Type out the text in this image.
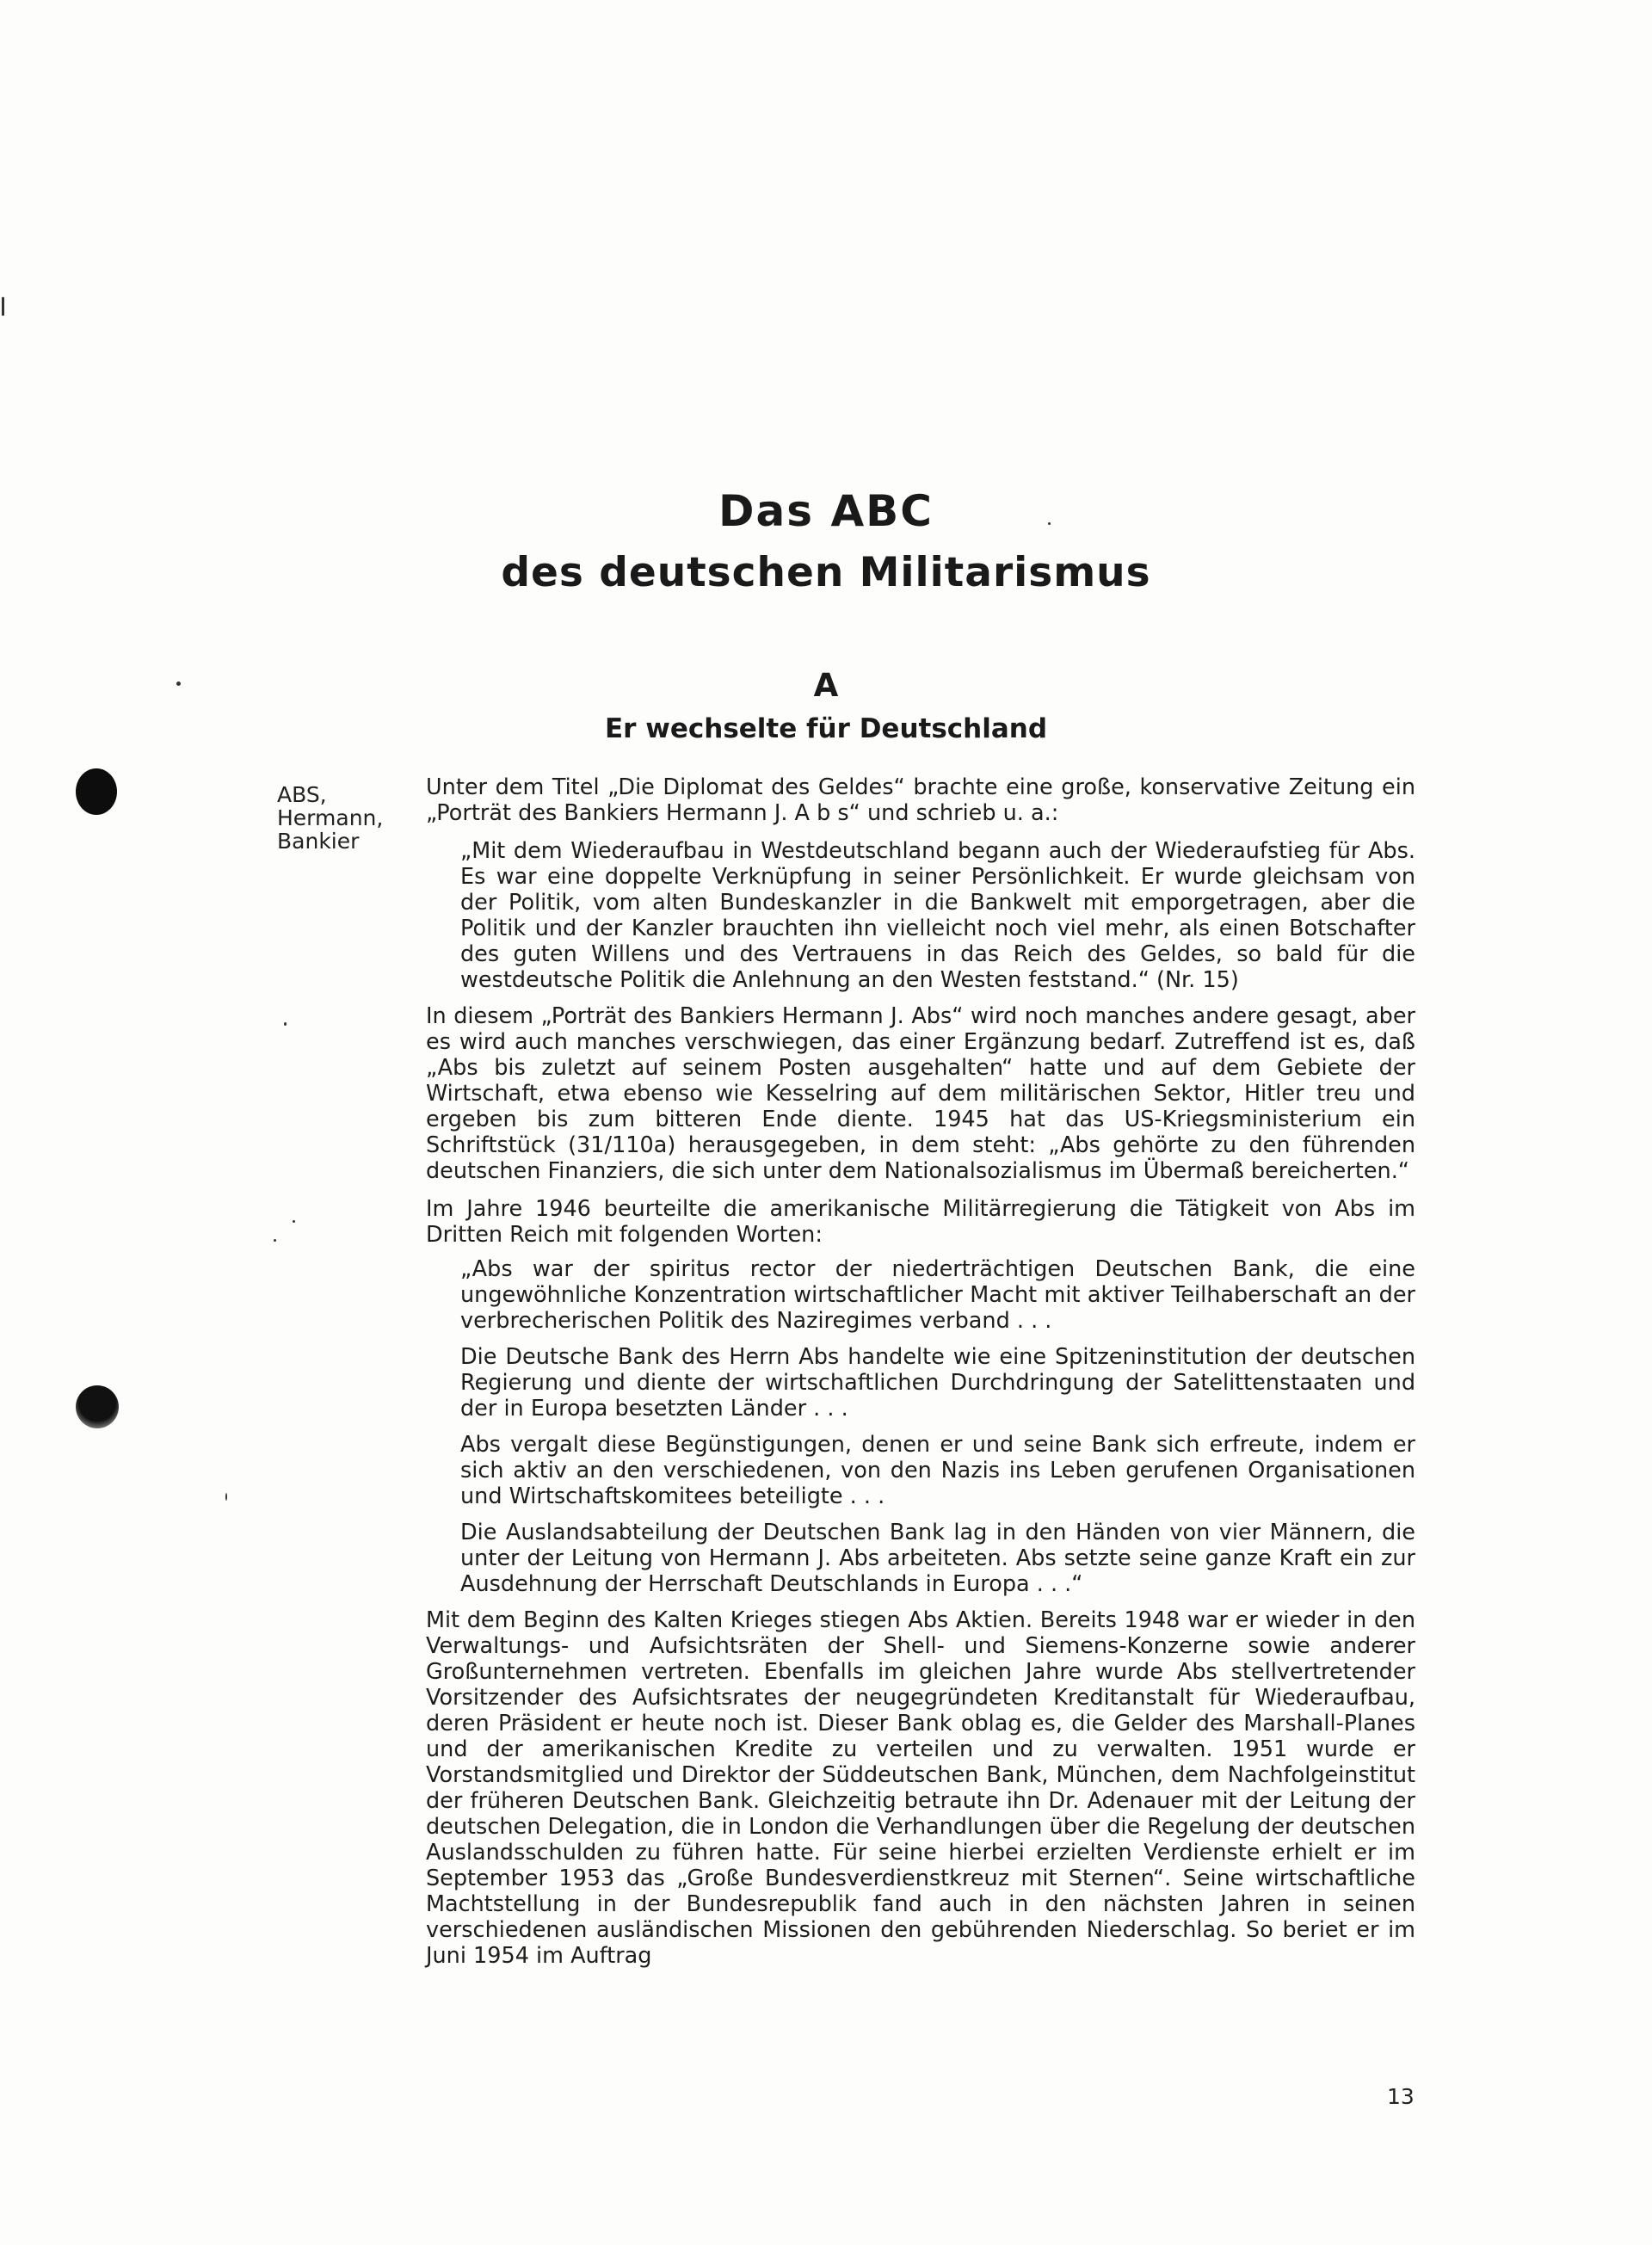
Das ABC
des deutschen Militarismus
A
Er wechselte für Deutschland
ABS,
Hermann,
Bankier

Unter dem Titel „Die Diplomat des Geldes“ brachte eine große, konservative Zeitung ein „Porträt des Bankiers Hermann J. A b s“ und schrieb u. a.:

„Mit dem Wiederaufbau in Westdeutschland begann auch der Wiederaufstieg für Abs. Es war eine doppelte Verknüpfung in seiner Persönlichkeit. Er wurde gleichsam von der Politik, vom alten Bundeskanzler in die Bankwelt mit emporgetragen, aber die Politik und der Kanzler brauchten ihn vielleicht noch viel mehr, als einen Botschafter des guten Willens und des Vertrauens in das Reich des Geldes, so bald für die westdeutsche Politik die Anlehnung an den Westen feststand.“ (Nr. 15)

In diesem „Porträt des Bankiers Hermann J. Abs“ wird noch manches andere gesagt, aber es wird auch manches verschwiegen, das einer Ergänzung bedarf. Zutreffend ist es, daß „Abs bis zuletzt auf seinem Posten ausgehalten“ hatte und auf dem Gebiete der Wirtschaft, etwa ebenso wie Kesselring auf dem militärischen Sektor, Hitler treu und ergeben bis zum bitteren Ende diente. 1945 hat das US-Kriegsministerium ein Schriftstück (31/110a) herausgegeben, in dem steht: „Abs gehörte zu den führenden deutschen Finanziers, die sich unter dem Nationalsozialismus im Übermaß bereicherten.“

Im Jahre 1946 beurteilte die amerikanische Militärregierung die Tätigkeit von Abs im Dritten Reich mit folgenden Worten:

„Abs war der spiritus rector der niederträchtigen Deutschen Bank, die eine ungewöhnliche Konzentration wirtschaftlicher Macht mit aktiver Teilhaberschaft an der verbrecherischen Politik des Naziregimes verband . . .

Die Deutsche Bank des Herrn Abs handelte wie eine Spitzeninstitution der deutschen Regierung und diente der wirtschaftlichen Durchdringung der Satelittenstaaten und der in Europa besetzten Länder . . .

Abs vergalt diese Begünstigungen, denen er und seine Bank sich erfreute, indem er sich aktiv an den verschiedenen, von den Nazis ins Leben gerufenen Organisationen und Wirtschaftskomitees beteiligte . . .

Die Auslandsabteilung der Deutschen Bank lag in den Händen von vier Männern, die unter der Leitung von Hermann J. Abs arbeiteten. Abs setzte seine ganze Kraft ein zur Ausdehnung der Herrschaft Deutschlands in Europa . . .“

Mit dem Beginn des Kalten Krieges stiegen Abs Aktien. Bereits 1948 war er wieder in den Verwaltungs- und Aufsichtsräten der Shell- und Siemens-Konzerne sowie anderer Großunternehmen vertreten. Ebenfalls im gleichen Jahre wurde Abs stellvertretender Vorsitzender des Aufsichtsrates der neugegründeten Kreditanstalt für Wiederaufbau, deren Präsident er heute noch ist. Dieser Bank oblag es, die Gelder des Marshall-Planes und der amerikanischen Kredite zu verteilen und zu verwalten. 1951 wurde er Vorstandsmitglied und Direktor der Süddeutschen Bank, München, dem Nachfolgeinstitut der früheren Deutschen Bank. Gleichzeitig betraute ihn Dr. Adenauer mit der Leitung der deutschen Delegation, die in London die Verhandlungen über die Regelung der deutschen Auslandsschulden zu führen hatte. Für seine hierbei erzielten Verdienste erhielt er im September 1953 das „Große Bundesverdienstkreuz mit Sternen“. Seine wirtschaftliche Machtstellung in der Bundesrepublik fand auch in den nächsten Jahren in seinen verschiedenen ausländischen Missionen den gebührenden Niederschlag. So beriet er im Juni 1954 im Auftrag

13
